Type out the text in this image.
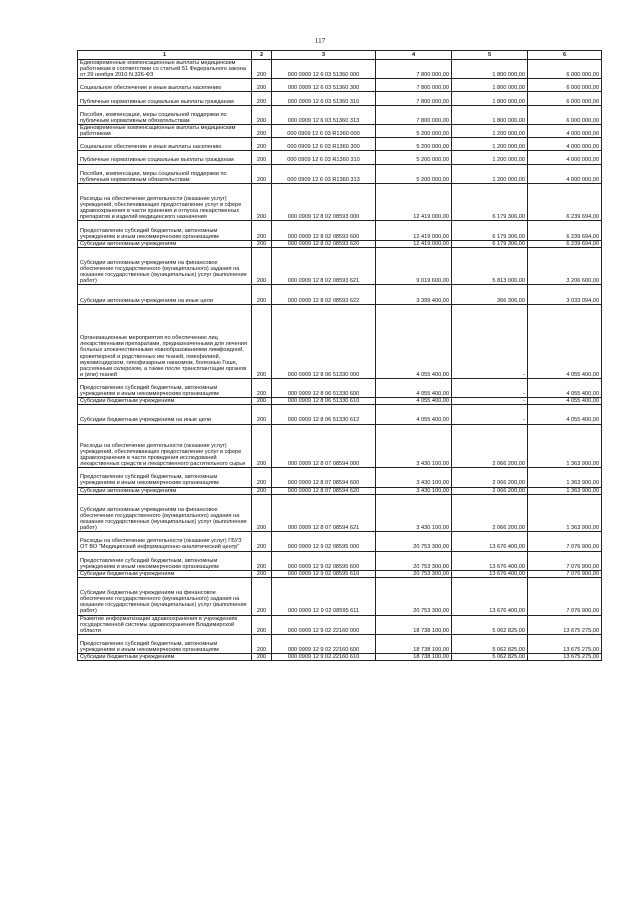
117
1	2	3	4	5	6
Единовременные компенсационные выплаты медицинским работникам в соответствии со статьей 51 Федерального закона от 29 ноября 2010 N 326-ФЗ	200	000 0909 12 6 03 51360 000	7 800 000,00	1 800 000,00	6 000 000,00
Социальное обеспечение и иные выплаты населению	200	000 0909 12 6 03 51360 300	7 800 000,00	1 800 000,00	6 000 000,00
Публичные нормативные социальные выплаты гражданам	200	000 0909 12 6 03 51360 310	7 800 000,00	1 800 000,00	6 000 000,00
Пособия, компенсации, меры социальной поддержки по публичным нормативным обязательствам	200	000 0909 12 6 03 51360 313	7 800 000,00	1 800 000,00	6 000 000,00
Единовременные компенсационные выплаты медицинским работникам	200	000 0909 12 6 03 R1360 000	5 200 000,00	1 200 000,00	4 000 000,00
Социальное обеспечение и иные выплаты населению	200	000 0909 12 6 03 R1360 300	5 200 000,00	1 200 000,00	4 000 000,00
Публичные нормативные социальные выплаты гражданам	200	000 0909 12 6 03 R1360 310	5 200 000,00	1 200 000,00	4 000 000,00
Пособия, компенсации, меры социальной поддержки по публичным нормативным обязательствам	200	000 0909 12 6 03 R1360 313	5 200 000,00	1 200 000,00	4 000 000,00
Расходы на обеспечение деятельности (оказание услуг) учреждений, обеспечивающих предоставление услуг в сфере здравоохранения в части хранения и отпуска лекарственных препаратов и изделий медицинского назначения	200	000 0909 12 8 02 08593 000	12 419 000,00	6 179 306,00	6 239 694,00
Предоставление субсидий бюджетным, автономным учреждениям и иным некоммерческим организациям	200	000 0909 12 8 02 08593 600	12 419 000,00	6 179 306,00	6 239 694,00
Субсидии автономным учреждениям	200	000 0909 12 8 02 08593 620	12 419 000,00	6 179 306,00	6 239 694,00
Субсидии автономным учреждениям на финансовое обеспечение государственного (муниципального) задания на оказание государственных (муниципальных) услуг (выполнение работ)	200	000 0909 12 8 02 08593 621	9 019 600,00	5 813 000,00	3 206 600,00
Субсидии автономным учреждениям на иные цели	200	000 0909 12 8 02 08593 622	3 399 400,00	366 306,00	3 033 094,00
Организационные мероприятия по обеспечению лиц лекарственными препаратами, предназначенными для лечения больных злокачественными новообразованиями лимфоидной, кроветворной и родственных им тканей, гемофилией, муковисцидозом, гипофизарным нанизмом, болезнью Гоше, рассеянным склерозом, а также после трансплантации органов и (или) тканей	200	000 0909 12 8 06 51330 000	4 055 400,00	-	4 055 400,00
Предоставление субсидий бюджетным, автономным учреждениям и иным некоммерческим организациям	200	000 0909 12 8 06 51330 600	4 055 400,00	-	4 055 400,00
Субсидии бюджетным учреждениям	200	000 0909 12 8 06 51330 610	4 055 400,00	-	4 055 400,00
Субсидии бюджетным учреждениям на иные цели	200	000 0909 12 8 06 51330 612	4 055 400,00	-	4 055 400,00
Расходы на обеспечение деятельности (оказание услуг) учреждений, обеспечивающих предоставление услуг в сфере здравоохранения в части проведения исследований лекарственных средств и лекарственного растительного сырья	200	000 0909 12 8 07 08594 000	3 430 100,00	2 066 200,00	1 363 900,00
Предоставление субсидий бюджетным, автономным учреждениям и иным некоммерческим организациям	200	000 0909 12 8 07 08594 600	3 430 100,00	2 066 200,00	1 363 900,00
Субсидии автономным учреждениям	200	000 0909 12 8 07 08594 620	3 430 100,00	2 066 200,00	1 363 900,00
Субсидии автономным учреждениям на финансовое обеспечение государственного (муниципального) задания на оказание государственных (муниципальных) услуг (выполнение работ)	200	000 0909 12 8 07 08594 621	3 430 100,00	2 066 200,00	1 363 900,00
Расходы на обеспечение деятельности (оказание услуг) ГБУЗ ОТ ВО "Медицинский информационно-аналитический центр"	200	000 0909 12 9 02 08595 000	20 753 300,00	13 676 400,00	7 076 900,00
Предоставление субсидий бюджетным, автономным учреждениям и иным некоммерческим организациям	200	000 0909 12 9 02 08595 600	20 753 300,00	13 676 400,00	7 076 900,00
Субсидии бюджетным учреждениям	200	000 0909 12 9 02 08595 610	20 753 300,00	13 676 400,00	7 076 900,00
Субсидии бюджетным учреждениям на финансовое обеспечение государственного (муниципального) задания на оказание государственных (муниципальных) услуг (выполнение работ)	200	000 0909 12 9 02 08595 611	20 753 300,00	13 676 400,00	7 076 900,00
Развитие информатизации здравоохранения в учреждениях государственной системы здравоохранения Владимирской области	200	000 0909 12 9 02 22160 000	18 738 100,00	5 062 825,00	13 675 275,00
Предоставление субсидий бюджетным, автономным учреждениям и иным некоммерческим организациям	200	000 0909 12 9 02 22160 600	18 738 100,00	5 062 825,00	13 675 275,00
Субсидии бюджетным учреждениям	200	000 0909 12 9 02 22160 610	18 738 100,00	5 062 825,00	13 675 275,00
